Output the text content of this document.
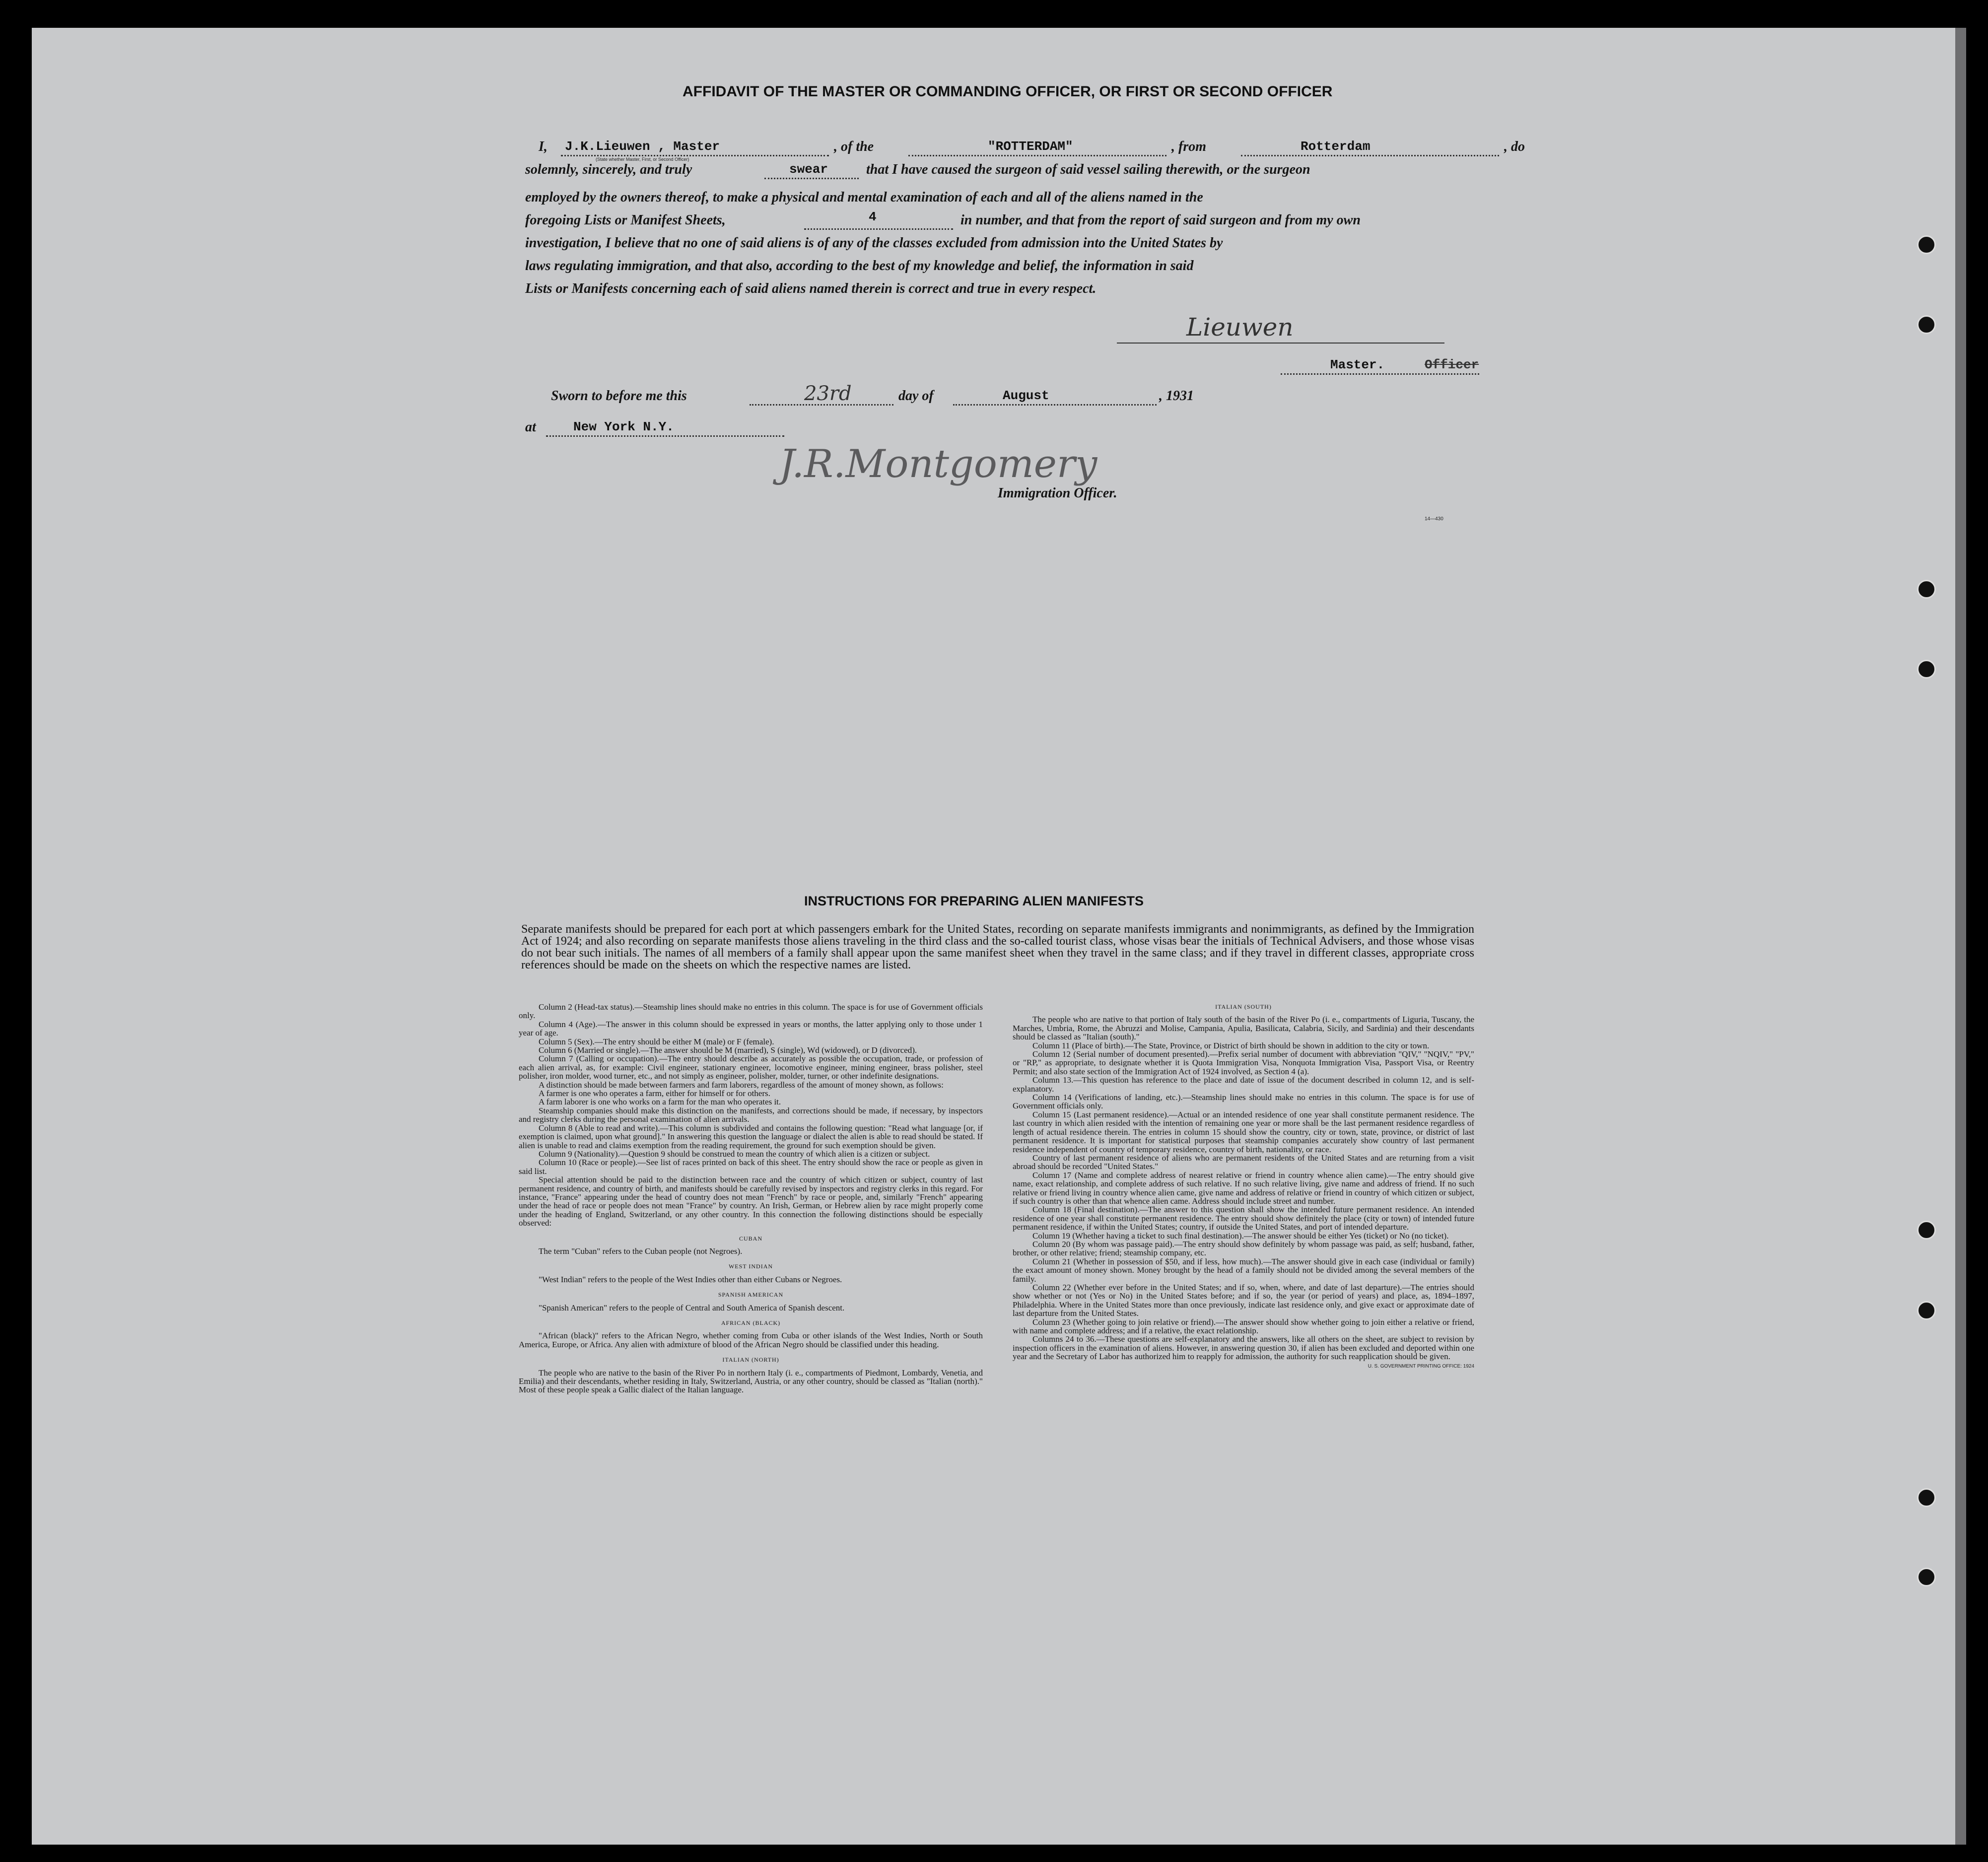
AFFIDAVIT OF THE MASTER OR COMMANDING OFFICER, OR FIRST OR SECOND OFFICER
I, J.K.Lieuwen , Master
(State whether Master, First, or Second Officer)
, of the	"ROTTERDAM"	, from	Rotterdam	, do
solemnly, sincerely, and truly	swear	that I have caused the surgeon of said vessel sailing therewith, or the surgeon
employed by the owners thereof, to make a physical and mental examination of each and all of the aliens named in the
foregoing Lists or Manifest Sheets,	4	in number, and that from the report of said surgeon and from my own
investigation, I believe that no one of said aliens is of any of the classes excluded from admission into the United States by
laws regulating immigration, and that also, according to the best of my knowledge and belief, the information in said
Lists or Manifests concerning each of said aliens named therein is correct and true in every respect.
Lieuwen
Master.	Officer
Sworn to before me this	23rd	day of	August	, 1931
at	New York N.Y.
J.R.Montgomery
Immigration Officer.
14—430
INSTRUCTIONS FOR PREPARING ALIEN MANIFESTS
Separate manifests should be prepared for each port at which passengers embark for the United States, recording on separate manifests immigrants and nonimmigrants, as defined by the Immigration Act of 1924; and also recording on separate manifests those aliens traveling in the third class and the so-called tourist class, whose visas bear the initials of Technical Advisers, and those whose visas do not bear such initials. The names of all members of a family shall appear upon the same manifest sheet when they travel in the same class; and if they travel in different classes, appropriate cross references should be made on the sheets on which the respective names are listed.

Column 2 (Head-tax status).—Steamship lines should make no entries in this column. The space is for use of Government officials only.

Column 4 (Age).—The answer in this column should be expressed in years or months, the latter applying only to those under 1 year of age.

Column 5 (Sex).—The entry should be either M (male) or F (female).

Column 6 (Married or single).—The answer should be M (married), S (single), Wd (widowed), or D (divorced).

Column 7 (Calling or occupation).—The entry should describe as accurately as possible the occupation, trade, or profession of each alien arrival, as, for example: Civil engineer, stationary engineer, locomotive engineer, mining engineer, brass polisher, steel polisher, iron molder, wood turner, etc., and not simply as engineer, polisher, molder, turner, or other indefinite designations.

A distinction should be made between farmers and farm laborers, regardless of the amount of money shown, as follows:

A farmer is one who operates a farm, either for himself or for others.

A farm laborer is one who works on a farm for the man who operates it.

Steamship companies should make this distinction on the manifests, and corrections should be made, if necessary, by inspectors and registry clerks during the personal examination of alien arrivals.

Column 8 (Able to read and write).—This column is subdivided and contains the following question: "Read what language [or, if exemption is claimed, upon what ground]." In answering this question the language or dialect the alien is able to read should be stated. If alien is unable to read and claims exemption from the reading requirement, the ground for such exemption should be given.

Column 9 (Nationality).—Question 9 should be construed to mean the country of which alien is a citizen or subject.

Column 10 (Race or people).—See list of races printed on back of this sheet. The entry should show the race or people as given in said list.

Special attention should be paid to the distinction between race and the country of which citizen or subject, country of last permanent residence, and country of birth, and manifests should be carefully revised by inspectors and registry clerks in this regard. For instance, "France" appearing under the head of country does not mean "French" by race or people, and, similarly "French" appearing under the head of race or people does not mean "France" by country. An Irish, German, or Hebrew alien by race might properly come under the heading of England, Switzerland, or any other country. In this connection the following distinctions should be especially observed:

CUBAN

The term "Cuban" refers to the Cuban people (not Negroes).

WEST INDIAN

"West Indian" refers to the people of the West Indies other than either Cubans or Negroes.

SPANISH AMERICAN

"Spanish American" refers to the people of Central and South America of Spanish descent.

AFRICAN (BLACK)

"African (black)" refers to the African Negro, whether coming from Cuba or other islands of the West Indies, North or South America, Europe, or Africa. Any alien with admixture of blood of the African Negro should be classified under this heading.

ITALIAN (NORTH)

The people who are native to the basin of the River Po in northern Italy (i. e., compartments of Piedmont, Lombardy, Venetia, and Emilia) and their descendants, whether residing in Italy, Switzerland, Austria, or any other country, should be classed as "Italian (north)." Most of these people speak a Gallic dialect of the Italian language.

ITALIAN (SOUTH)

The people who are native to that portion of Italy south of the basin of the River Po (i. e., compartments of Liguria, Tuscany, the Marches, Umbria, Rome, the Abruzzi and Molise, Campania, Apulia, Basilicata, Calabria, Sicily, and Sardinia) and their descendants should be classed as "Italian (south)."

Column 11 (Place of birth).—The State, Province, or District of birth should be shown in addition to the city or town.

Column 12 (Serial number of document presented).—Prefix serial number of document with abbreviation "QIV," "NQIV," "PV," or "RP," as appropriate, to designate whether it is Quota Immigration Visa, Nonquota Immigration Visa, Passport Visa, or Reentry Permit; and also state section of the Immigration Act of 1924 involved, as Section 4 (a).

Column 13.—This question has reference to the place and date of issue of the document described in column 12, and is self-explanatory.

Column 14 (Verifications of landing, etc.).—Steamship lines should make no entries in this column. The space is for use of Government officials only.

Column 15 (Last permanent residence).—Actual or an intended residence of one year shall constitute permanent residence. The last country in which alien resided with the intention of remaining one year or more shall be the last permanent residence regardless of length of actual residence therein. The entries in column 15 should show the country, city or town, state, province, or district of last permanent residence. It is important for statistical purposes that steamship companies accurately show country of last permanent residence independent of country of temporary residence, country of birth, nationality, or race.

Country of last permanent residence of aliens who are permanent residents of the United States and are returning from a visit abroad should be recorded "United States."

Column 17 (Name and complete address of nearest relative or friend in country whence alien came).—The entry should give name, exact relationship, and complete address of such relative. If no such relative living, give name and address of friend. If no such relative or friend living in country whence alien came, give name and address of relative or friend in country of which citizen or subject, if such country is other than that whence alien came. Address should include street and number.

Column 18 (Final destination).—The answer to this question shall show the intended future permanent residence. An intended residence of one year shall constitute permanent residence. The entry should show definitely the place (city or town) of intended future permanent residence, if within the United States; country, if outside the United States, and port of intended departure.

Column 19 (Whether having a ticket to such final destination).—The answer should be either Yes (ticket) or No (no ticket).

Column 20 (By whom was passage paid).—The entry should show definitely by whom passage was paid, as self; husband, father, brother, or other relative; friend; steamship company, etc.

Column 21 (Whether in possession of $50, and if less, how much).—The answer should give in each case (individual or family) the exact amount of money shown. Money brought by the head of a family should not be divided among the several members of the family.

Column 22 (Whether ever before in the United States; and if so, when, where, and date of last departure).—The entries should show whether or not (Yes or No) in the United States before; and if so, the year (or period of years) and place, as, 1894–1897, Philadelphia. Where in the United States more than once previously, indicate last residence only, and give exact or approximate date of last departure from the United States.

Column 23 (Whether going to join relative or friend).—The answer should show whether going to join either a relative or friend, with name and complete address; and if a relative, the exact relationship.

Columns 24 to 36.—These questions are self-explanatory and the answers, like all others on the sheet, are subject to revision by inspection officers in the examination of aliens. However, in answering question 30, if alien has been excluded and deported within one year and the Secretary of Labor has authorized him to reapply for admission, the authority for such reapplication should be given.

U. S. GOVERNMENT PRINTING OFFICE: 1924
